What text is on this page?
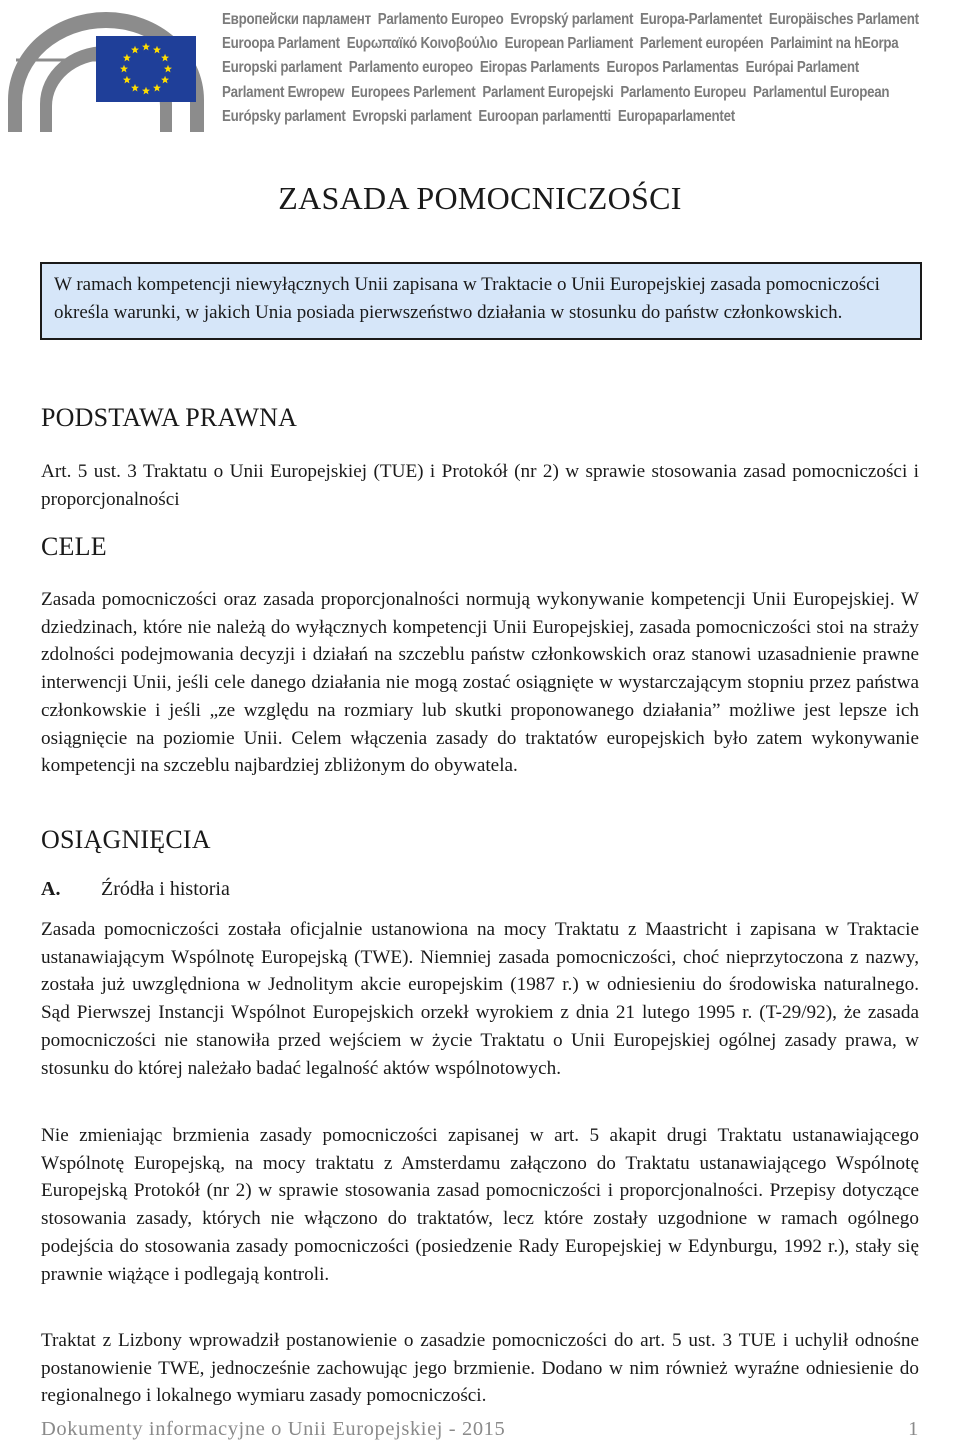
Европейски парламент Parlamento Europeo Evropský parlament Europa-Parlamentet Europäisches Parlament
Euroopa Parlament Ευρωπαϊκό Κοινοβούλιο European Parliament Parlement européen Parlaimint na hEorpa
Europski parlament Parlamento europeo Eiropas Parlaments Europos Parlamentas Európai Parlament
Parlament Ewropew Europees Parlement Parlament Europejski Parlamento Europeu Parlamentul European
Európsky parlament Evropski parlament Euroopan parlamentti Europaparlamentet
ZASADA POMOCNICZOŚCI
W ramach kompetencji niewyłącznych Unii zapisana w Traktacie o Unii Europejskiej zasada pomocniczości określa warunki, w jakich Unia posiada pierwszeństwo działania w stosunku do państw członkowskich.
PODSTAWA PRAWNA

Art. 5 ust. 3 Traktatu o Unii Europejskiej (TUE) i Protokół (nr 2) w sprawie stosowania zasad pomocniczości i proporcjonalności

CELE

Zasada pomocniczości oraz zasada proporcjonalności normują wykonywanie kompetencji Unii Europejskiej. W dziedzinach, które nie należą do wyłącznych kompetencji Unii Europejskiej, zasada pomocniczości stoi na straży zdolności podejmowania decyzji i działań na szczeblu państw członkowskich oraz stanowi uzasadnienie prawne interwencji Unii, jeśli cele danego działania nie mogą zostać osiągnięte w wystarczającym stopniu przez państwa członkowskie i jeśli „ze względu na rozmiary lub skutki proponowanego działania” możliwe jest lepsze ich osiągnięcie na poziomie Unii. Celem włączenia zasady do traktatów europejskich było zatem wykonywanie kompetencji na szczeblu najbardziej zbliżonym do obywatela.

OSIĄGNIĘCIA
A. Źródła i historia

Zasada pomocniczości została oficjalnie ustanowiona na mocy Traktatu z Maastricht i zapisana w Traktacie ustanawiającym Wspólnotę Europejską (TWE). Niemniej zasada pomocniczości, choć nieprzytoczona z nazwy, została już uwzględniona w Jednolitym akcie europejskim (1987 r.) w odniesieniu do środowiska naturalnego. Sąd Pierwszej Instancji Wspólnot Europejskich orzekł wyrokiem z dnia 21 lutego 1995 r. (T-29/92), że zasada pomocniczości nie stanowiła przed wejściem w życie Traktatu o Unii Europejskiej ogólnej zasady prawa, w stosunku do której należało badać legalność aktów wspólnotowych.

Nie zmieniając brzmienia zasady pomocniczości zapisanej w art. 5 akapit drugi Traktatu ustanawiającego Wspólnotę Europejską, na mocy traktatu z Amsterdamu załączono do Traktatu ustanawiającego Wspólnotę Europejską Protokół (nr 2) w sprawie stosowania zasad pomocniczości i proporcjonalności. Przepisy dotyczące stosowania zasady, których nie włączono do traktatów, lecz które zostały uzgodnione w ramach ogólnego podejścia do stosowania zasady pomocniczości (posiedzenie Rady Europejskiej w Edynburgu, 1992 r.), stały się prawnie wiążące i podlegają kontroli.

Traktat z Lizbony wprowadził postanowienie o zasadzie pomocniczości do art. 5 ust. 3 TUE i uchylił odnośne postanowienie TWE, jednocześnie zachowując jego brzmienie. Dodano w nim również wyraźne odniesienie do regionalnego i lokalnego wymiaru zasady pomocniczości.

Dokumenty informacyjne o Unii Europejskiej - 2015	1
